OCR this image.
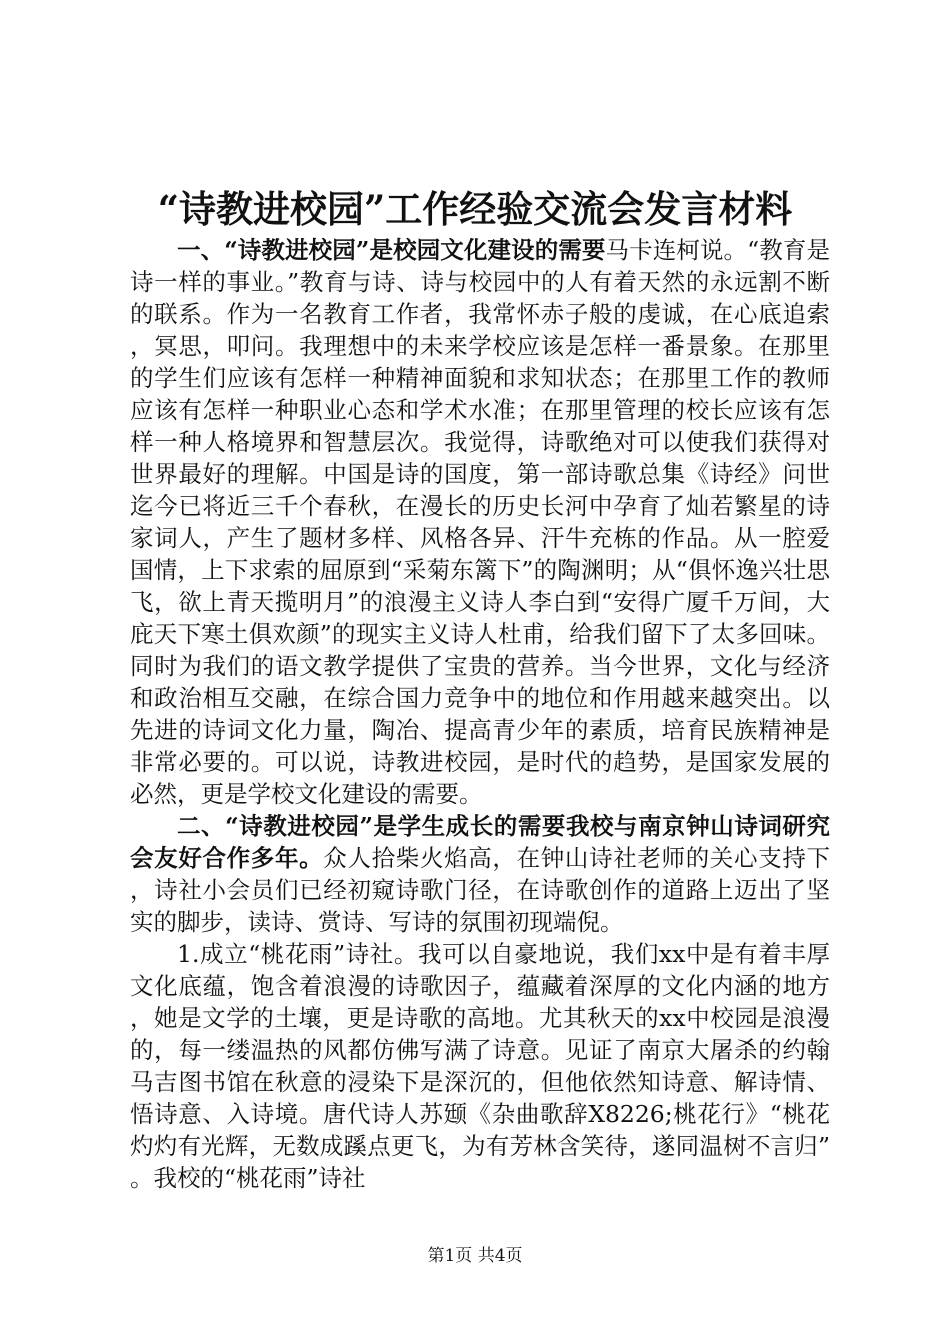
“诗教进校园”工作经验交流会发言材料

一、“诗教进校园”是校园文化建设的需要马卡连柯说。“教育是诗一样的事业。”教育与诗、诗与校园中的人有着天然的永远割不断的联系。作为一名教育工作者，我常怀赤子般的虔诚，在心底追索，冥思，叩问。我理想中的未来学校应该是怎样一番景象。在那里的学生们应该有怎样一种精神面貌和求知状态；在那里工作的教师应该有怎样一种职业心态和学术水准；在那里管理的校长应该有怎样一种人格境界和智慧层次。我觉得，诗歌绝对可以使我们获得对世界最好的理解。中国是诗的国度，第一部诗歌总集《诗经》问世迄今已将近三千个春秋，在漫长的历史长河中孕育了灿若繁星的诗家词人，产生了题材多样、风格各异、汗牛充栋的作品。从一腔爱国情，上下求索的屈原到“采菊东篱下”的陶渊明；从“俱怀逸兴壮思飞，欲上青天揽明月”的浪漫主义诗人李白到“安得广厦千万间，大庇天下寒土俱欢颜”的现实主义诗人杜甫，给我们留下了太多回味。同时为我们的语文教学提供了宝贵的营养。当今世界，文化与经济和政治相互交融，在综合国力竞争中的地位和作用越来越突出。以先进的诗词文化力量，陶冶、提高青少年的素质，培育民族精神是非常必要的。可以说，诗教进校园，是时代的趋势，是国家发展的必然，更是学校文化建设的需要。

二、“诗教进校园”是学生成长的需要我校与南京钟山诗词研究会友好合作多年。众人拾柴火焰高，在钟山诗社老师的关心支持下，诗社小会员们已经初窥诗歌门径，在诗歌创作的道路上迈出了坚实的脚步，读诗、赏诗、写诗的氛围初现端倪。

1.成立“桃花雨”诗社。我可以自豪地说，我们xx中是有着丰厚文化底蕴，饱含着浪漫的诗歌因子，蕴藏着深厚的文化内涵的地方，她是文学的土壤，更是诗歌的高地。尤其秋天的xx中校园是浪漫的，每一缕温热的风都仿佛写满了诗意。见证了南京大屠杀的约翰马吉图书馆在秋意的浸染下是深沉的，但他依然知诗意、解诗情、悟诗意、入诗境。唐代诗人苏颋《杂曲歌辞X8226;桃花行》“桃花灼灼有光辉，无数成蹊点更飞，为有芳林含笑待，遂同温树不言归”。我校的“桃花雨”诗社

第1页 共4页
